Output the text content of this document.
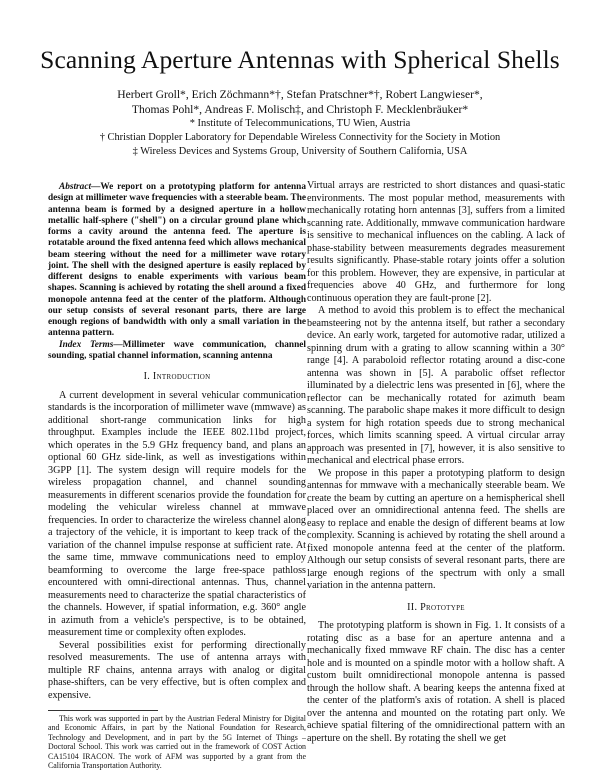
Scanning Aperture Antennas with Spherical Shells
Herbert Groll*, Erich Zöchmann*†, Stefan Pratschner*†, Robert Langwieser*,
Thomas Pohl*, Andreas F. Molisch‡, and Christoph F. Mecklenbräuker*
* Institute of Telecommunications, TU Wien, Austria
† Christian Doppler Laboratory for Dependable Wireless Connectivity for the Society in Motion
‡ Wireless Devices and Systems Group, University of Southern California, USA

Abstract—We report on a prototyping platform for antenna design at millimeter wave frequencies with a steerable beam. The antenna beam is formed by a designed aperture in a hollow metallic half-sphere ("shell") on a circular ground plane which forms a cavity around the antenna feed. The aperture is rotatable around the fixed antenna feed which allows mechanical beam steering without the need for a millimeter wave rotary joint. The shell with the designed aperture is easily replaced by different designs to enable experiments with various beam shapes. Scanning is achieved by rotating the shell around a fixed monopole antenna feed at the center of the platform. Although our setup consists of several resonant parts, there are large enough regions of bandwidth with only a small variation in the antenna pattern.

Index Terms—Millimeter wave communication, channel sounding, spatial channel information, scanning antenna

I. Introduction

A current development in several vehicular communication standards is the incorporation of millimeter wave (mmwave) as additional short-range communication links for high throughput. Examples include the IEEE 802.11bd project, which operates in the 5.9 GHz frequency band, and plans an optional 60 GHz side-link, as well as investigations within 3GPP [1]. The system design will require models for the wireless propagation channel, and channel sounding measurements in different scenarios provide the foundation for modeling the vehicular wireless channel at mmwave frequencies. In order to characterize the wireless channel along a trajectory of the vehicle, it is important to keep track of the variation of the channel impulse response at sufficient rate. At the same time, mmwave communications need to employ beamforming to overcome the large free-space pathloss encountered with omni-directional antennas. Thus, channel measurements need to characterize the spatial characteristics of the channels. However, if spatial information, e.g. 360° angle in azimuth from a vehicle's perspective, is to be obtained, measurement time or complexity often explodes.

Several possibilities exist for performing directionally resolved measurements. The use of antenna arrays with multiple RF chains, antenna arrays with analog or digital phase-shifters, can be very effective, but is often complex and expensive.

This work was supported in part by the Austrian Federal Ministry for Digital and Economic Affairs, in part by the National Foundation for Research, Technology and Development, and in part by the 5G Internet of Things – Doctoral School. This work was carried out in the framework of COST Action CA15104 IRACON. The work of AFM was supported by a grant from the California Transportation Authority.

Virtual arrays are restricted to short distances and quasi-static environments. The most popular method, measurements with mechanically rotating horn antennas [3], suffers from a limited scanning rate. Additionally, mmwave communication hardware is sensitive to mechanical influences on the cabling. A lack of phase-stability between measurements degrades measurement results significantly. Phase-stable rotary joints offer a solution for this problem. However, they are expensive, in particular at frequencies above 40 GHz, and furthermore for long continuous operation they are fault-prone [2].

A method to avoid this problem is to effect the mechanical beamsteering not by the antenna itself, but rather a secondary device. An early work, targeted for automotive radar, utilized a spinning drum with a grating to allow scanning within a 30° range [4]. A paraboloid reflector rotating around a disc-cone antenna was shown in [5]. A parabolic offset reflector illuminated by a dielectric lens was presented in [6], where the reflector can be mechanically rotated for azimuth beam scanning. The parabolic shape makes it more difficult to design a system for high rotation speeds due to strong mechanical forces, which limits scanning speed. A virtual circular array approach was presented in [7], however, it is also sensitive to mechanical and electrical phase errors.

We propose in this paper a prototyping platform to design antennas for mmwave with a mechanically steerable beam. We create the beam by cutting an aperture on a hemispherical shell placed over an omnidirectional antenna feed. The shells are easy to replace and enable the design of different beams at low complexity. Scanning is achieved by rotating the shell around a fixed monopole antenna feed at the center of the platform. Although our setup consists of several resonant parts, there are large enough regions of the spectrum with only a small variation in the antenna pattern.

II. Prototype

The prototyping platform is shown in Fig. 1. It consists of a rotating disc as a base for an aperture antenna and a mechanically fixed mmwave RF chain. The disc has a center hole and is mounted on a spindle motor with a hollow shaft. A custom built omnidirectional monopole antenna is passed through the hollow shaft. A bearing keeps the antenna fixed at the center of the platform's axis of rotation. A shell is placed over the antenna and mounted on the rotating part only. We achieve spatial filtering of the omnidirectional pattern with an aperture on the shell. By rotating the shell we get
